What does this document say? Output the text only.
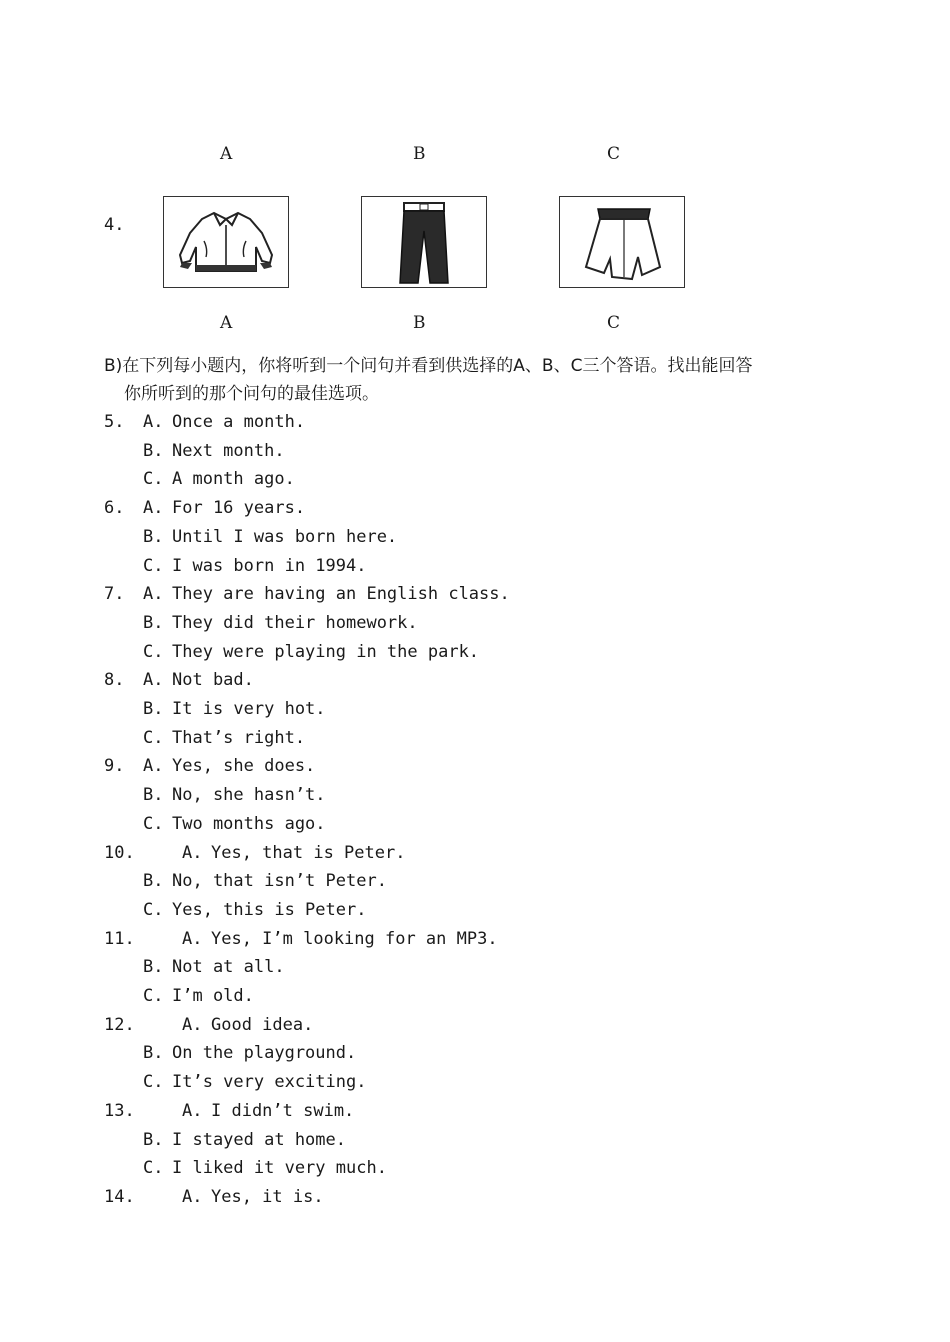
A	B	C
4.
A	B	C
B)在下列每小题内，你将听到一个问句并看到供选择的A、B、C三个答语。找出能回答
你所听到的那个问句的最佳选项。
5. A. Once a month.
B. Next month.
C. A month ago.
6. A. For 16 years.
B. Until I was born here.
C. I was born in 1994.
7. A. They are having an English class.
B. They did their homework.
C. They were playing in the park.
8. A. Not bad.
B. It is very hot.
C. That’s right.
9. A. Yes, she does.
B. No, she hasn’t.
C. Two months ago.
10.	A. Yes, that is Peter.
B. No, that isn’t Peter.
C. Yes, this is Peter.
11.	A. Yes, I’m looking for an MP3.
B. Not at all.
C. I’m old.
12.	A. Good idea.
B. On the playground.
C. It’s very exciting.
13.	A. I didn’t swim.
B. I stayed at home.
C. I liked it very much.
14.	A. Yes, it is.
